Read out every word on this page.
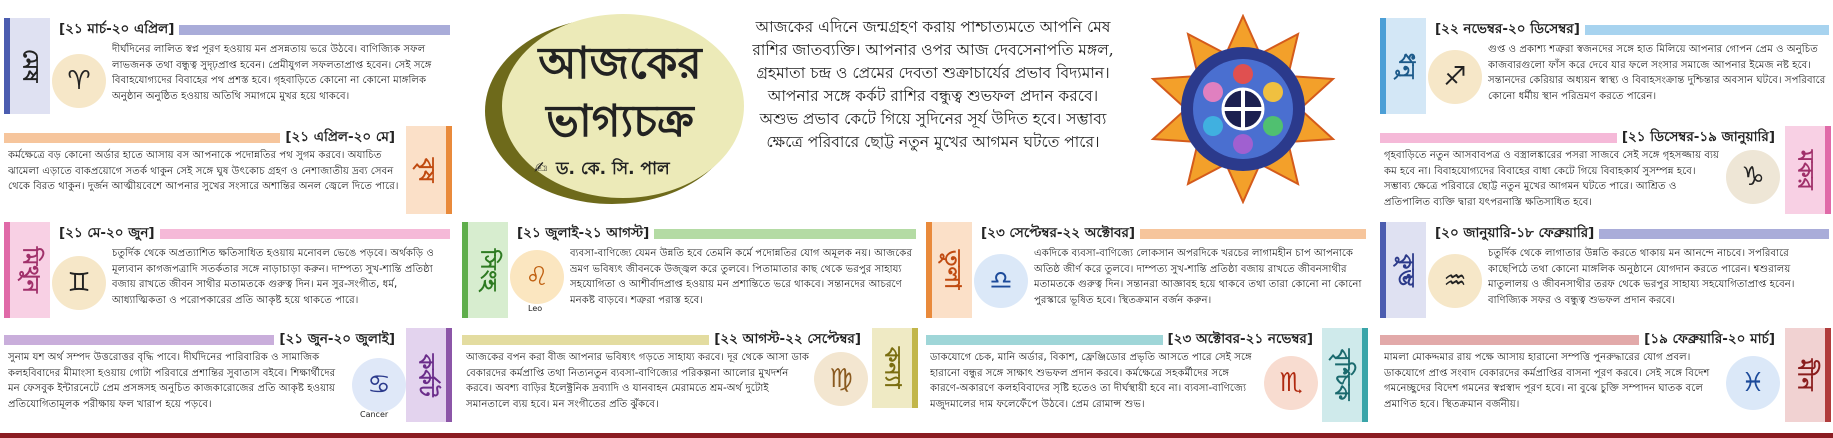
আজকের
ভাগ্যচক্র
✍ ড. কে. সি. পাল
আজকের এদিনে জন্মগ্রহণ করায় পাশ্চাত্যমতে আপনি মেষ রাশির জাতব্যক্তি। আপনার ওপর আজ দেবসেনাপতি মঙ্গল, গ্রহমাতা চন্দ্র ও প্রেমের দেবতা শুক্রাচার্যের প্রভাব বিদ্যমান।
আপনার সঙ্গে কর্কট রাশির বন্ধুত্ব শুভফল প্রদান করবে। অশুভ প্রভাব কেটে গিয়ে সুদিনের সূর্য উদিত হবে। সম্ভাব্য ক্ষেত্রে পরিবারে ছোট্ট নতুন মুখের আগমন ঘটতে পারে।
মেষ
[২১ মার্চ-২০ এপ্রিল]
♈
দীর্ঘদিনের লালিত স্বপ্ন পূরণ হওয়ায় মন প্রসন্নতায় ভরে উঠবে। বাণিজ্যিক সফল লাভজনক তথা বন্ধুত্ব সুদৃঢ়প্রাপ্ত হবেন। প্রেমীযুগল সফলতাপ্রাপ্ত হবেন। সেই সঙ্গে বিবাহযোগ্যদের বিবাহের পথ প্রশস্ত হবে। গৃহবাড়িতে কোনো না কোনো মাঙ্গলিক অনুষ্ঠান অনুষ্ঠিত হওয়ায় অতিথি সমাগমে মুখর হয়ে থাকবে।
[২১ এপ্রিল-২০ মে]
বৃষ
কর্মক্ষেত্রে বড় কোনো অর্ডার হাতে আসায় বস আপনাকে পদোন্নতির পথ সুগম করবে। অযাচিত ঝামেলা এড়াতে বাকপ্রয়োগে সতর্ক থাকুন সেই সঙ্গে ঘুষ উৎকোচ গ্রহণ ও নেশাজাতীয় দ্রব্য সেবন থেকে বিরত থাকুন। দুর্জন আত্মীয়বেশে আপনার সুখের সংসারে অশান্তির অনল জ্বেলে দিতে পারে।
মিথুন
[২১ মে-২০ জুন]
♊
চতুর্দিক থেকে অপ্রত্যাশিত ক্ষতিসাধিত হওয়ায় মনোবল ভেঙে পড়বে। অর্থকড়ি ও মূল্যবান কাগজপত্রাদি সতর্কতার সঙ্গে নাড়াচাড়া করুন। দাম্পত্য সুখ-শান্তি প্রতিষ্ঠা বজায় রাখতে জীবন সাথীর মতামতকে গুরুত্ব দিন। মন সুর-সংগীত, ধর্ম, আধ্যাত্মিকতা ও পরোপকারের প্রতি আকৃষ্ট হয়ে থাকতে পারে।
[২১ জুন-২০ জুলাই]
কর্কট
♋
Cancer
সুনাম যশ অর্থ সম্পদ উত্তরোত্তর বৃদ্ধি পাবে। দীর্ঘদিনের পারিবারিক ও সামাজিক কলহবিবাদের মীমাংসা হওয়ায় গোটা পরিবারে প্রশান্তির সুবাতাস বইবে। শিক্ষার্থীদের মন ফেসবুক ইন্টারনেটে প্রেম প্রসঙ্গসহ অনুচিত কাজকারোজের প্রতি আকৃষ্ট হওয়ায় প্রতিযোগিতামূলক পরীক্ষায় ফল খারাপ হয়ে পড়বে।
সিংহ
[২১ জুলাই-২১ আগস্ট]
♌
Leo
ব্যবসা-বাণিজ্যে যেমন উন্নতি হবে তেমনি কর্মে পদোন্নতির যোগ অমূলক নয়। আজকের ভ্রমণ ভবিষ্যৎ জীবনকে উজ্জ্বল করে তুলবে। পিতামাতার কাছ থেকে ভরপুর সাহায্য সহযোগিতা ও আশীর্বাদপ্রাপ্ত হওয়ায় মন প্রশান্তিতে ভরে থাকবে। সন্তানদের আচরণে মনকষ্ট বাড়বে। শত্রুরা পরাস্ত হবে।
[২২ আগস্ট-২২ সেপ্টেম্বর]
কন্যা
♍
আজকের বপন করা বীজ আপনার ভবিষ্যৎ গড়তে সাহায্য করবে। দূর থেকে আসা ডাক বেকারদের কর্মপ্রাপ্তি তথা নিত্যনতুন ব্যবসা-বাণিজ্যের পরিকল্পনা আলোর মুখদর্শন করবে। অবশ্য বাড়ির ইলেক্ট্রনিক দ্রব্যাদি ও যানবাহন মেরামতে শ্রম-অর্থ দুটোই সমানতালে ব্যয় হবে। মন সংগীতের প্রতি ঝুঁকবে।
তুলা
[২৩ সেপ্টেম্বর-২২ অক্টোবর]
♎
একদিকে ব্যবসা-বাণিজ্যে লোকসান অপরদিকে খরচের লাগামহীন চাপ আপনাকে অতিষ্ঠ জীর্ণ করে তুলবে। দাম্পত্য সুখ-শান্তি প্রতিষ্ঠা বজায় রাখতে জীবনসাথীর মতামতকে গুরুত্ব দিন। সন্তানরা আজ্ঞাবহ হয়ে থাকবে তথা তারা কোনো না কোনো পুরস্কারে ভূষিত হবে। স্থিতক্রমান বর্জন করুন।
[২৩ অক্টোবর-২১ নভেম্বর]
বৃশ্চিক
♏
ডাকযোগে চেক, মানি অর্ডার, বিকাশ, ফ্রেঞ্জিডোর প্রভৃতি আসতে পারে সেই সঙ্গে হারানো বন্ধুর সঙ্গে সাক্ষাৎ শুভফল প্রদান করবে। কর্মক্ষেত্রে সহকর্মীদের সঙ্গে কারণে-অকারণে কলহবিবাদের সৃষ্টি হতেও তা দীর্ঘস্থায়ী হবে না। ব্যবসা-বাণিজ্যে মজুদমালের দাম ফলেফেঁপে উঠবে। প্রেম রোমান্স শুভ।
ধনু
[২২ নভেম্বর-২০ ডিসেম্বর]
♐
গুপ্ত ও প্রকাশ্য শত্রুরা স্বজনদের সঙ্গে হাত মিলিয়ে আপনার গোপন প্রেম ও অনুচিত কাজবারগুলো ফাঁস করে দেবে যার ফলে সংসার সমাজে আপনার ইমেজ নষ্ট হবে। সন্তানদের কেরিয়ার অধ্যয়ন স্বাস্থ্য ও বিবাহসংক্রান্ত দুশ্চিন্তার অবসান ঘটবে। সপরিবারে কোনো ধর্মীয় স্থান পরিভ্রমণ করতে পারেন।
[২১ ডিসেম্বর-১৯ জানুয়ারি]
মকর
♑
গৃহবাড়িতে নতুন আসবাবপত্র ও বস্ত্রালঙ্কারের পসরা সাজবে সেই সঙ্গে গৃহসজ্জায় ব্যয় কম হবে না। বিবাহযোগ্যদের বিবাহের বাধা কেটে গিয়ে বিবাহকার্য সুসম্পন্ন হবে। সম্ভাব্য ক্ষেত্রে পরিবারে ছোট্ট নতুন মুখের আগমন ঘটতে পারে। আশ্রিত ও প্রতিপালিত ব্যক্তি দ্বারা যৎপরনাস্তি ক্ষতিসাধিত হবে।
কুম্ভ
[২০ জানুয়ারি-১৮ ফেব্রুয়ারি]
♒
চতুর্দিক থেকে লাগাতার উন্নতি করতে থাকায় মন আনন্দে নাচবে। সপরিবারে কাছেপিঠে তথা কোনো মাঙ্গলিক অনুষ্ঠানে যোগদান করতে পারেন। শ্বশুরালয় মাতুলালয় ও জীবনসাথীর তরফ থেকে ভরপুর সাহায্য সহযোগিতাপ্রাপ্ত হবেন। বাণিজ্যিক সফর ও বন্ধুত্ব শুভফল প্রদান করবে।
[১৯ ফেব্রুয়ারি-২০ মার্চ]
মীন
♓
মামলা মোকদ্দমার রায় পক্ষে আসায় হারানো সম্পত্তি পুনরুদ্ধারের যোগ প্রবল। ডাকযোগে প্রাপ্ত সংবাদ বেকারদের কর্মপ্রাপ্তির বাসনা পূরণ করবে। সেই সঙ্গে বিদেশ গমনেচ্ছুদের বিদেশ গমনের স্বপ্নস্বাদ পূরণ হবে। না বুঝে চুক্তি সম্পাদন ঘাতক বলে প্রমাণিত হবে। স্থিতক্রমান বর্জনীয়।
